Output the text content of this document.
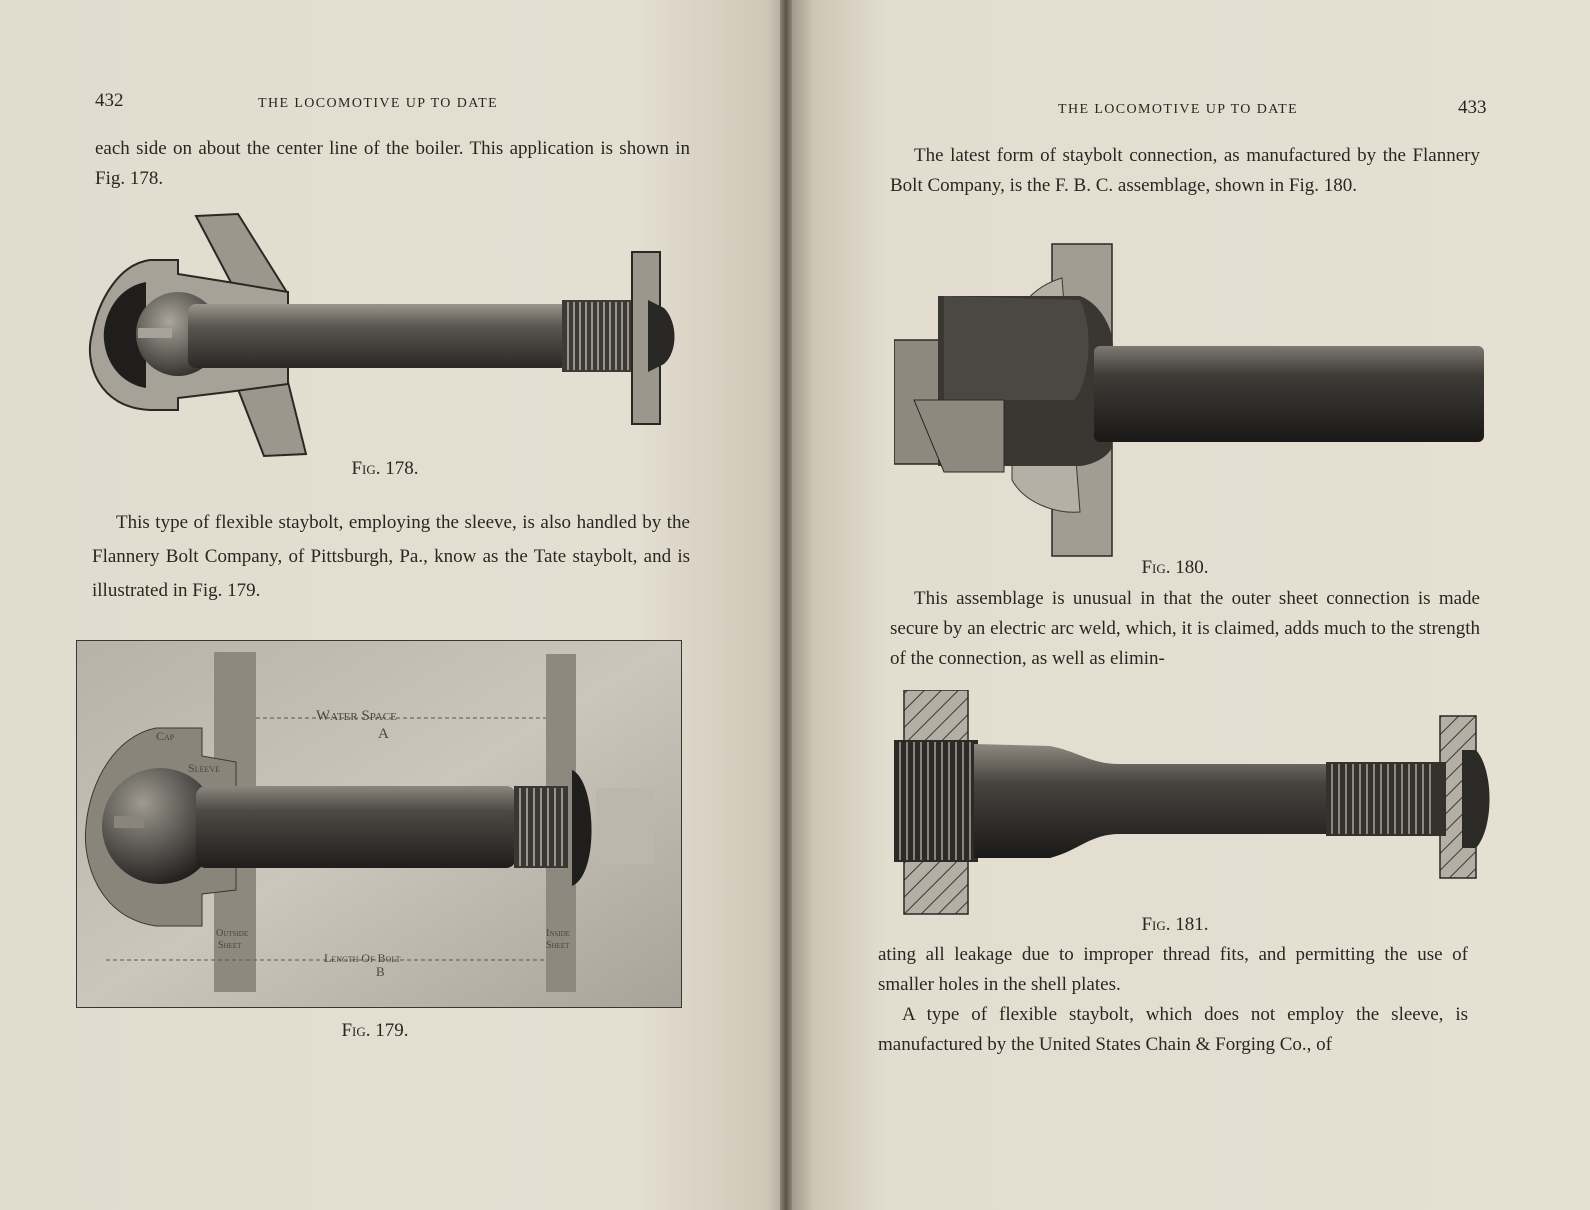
432	THE LOCOMOTIVE UP TO DATE

each side on about the center line of the boiler. This application is shown in Fig. 178.

Fig. 178.

This type of flexible staybolt, employing the sleeve, is also handled by the Flannery Bolt Company, of Pittsburgh, Pa., know as the Tate staybolt, and is illustrated in Fig. 179.

Water Space
A
Cap
Sleeve
Outside
Sheet
Inside
Sheet
Length Of Bolt
B
Fig. 179.
THE LOCOMOTIVE UP TO DATE	433

The latest form of staybolt connection, as manufactured by the Flannery Bolt Company, is the F. B. C. assemblage, shown in Fig. 180.

Fig. 180.

This assemblage is unusual in that the outer sheet connection is made secure by an electric arc weld, which, it is claimed, adds much to the strength of the connection, as well as elimin-

Fig. 181.

ating all leakage due to improper thread fits, and permitting the use of smaller holes in the shell plates.

A type of flexible staybolt, which does not employ the sleeve, is manufactured by the United States Chain & Forging Co., of
